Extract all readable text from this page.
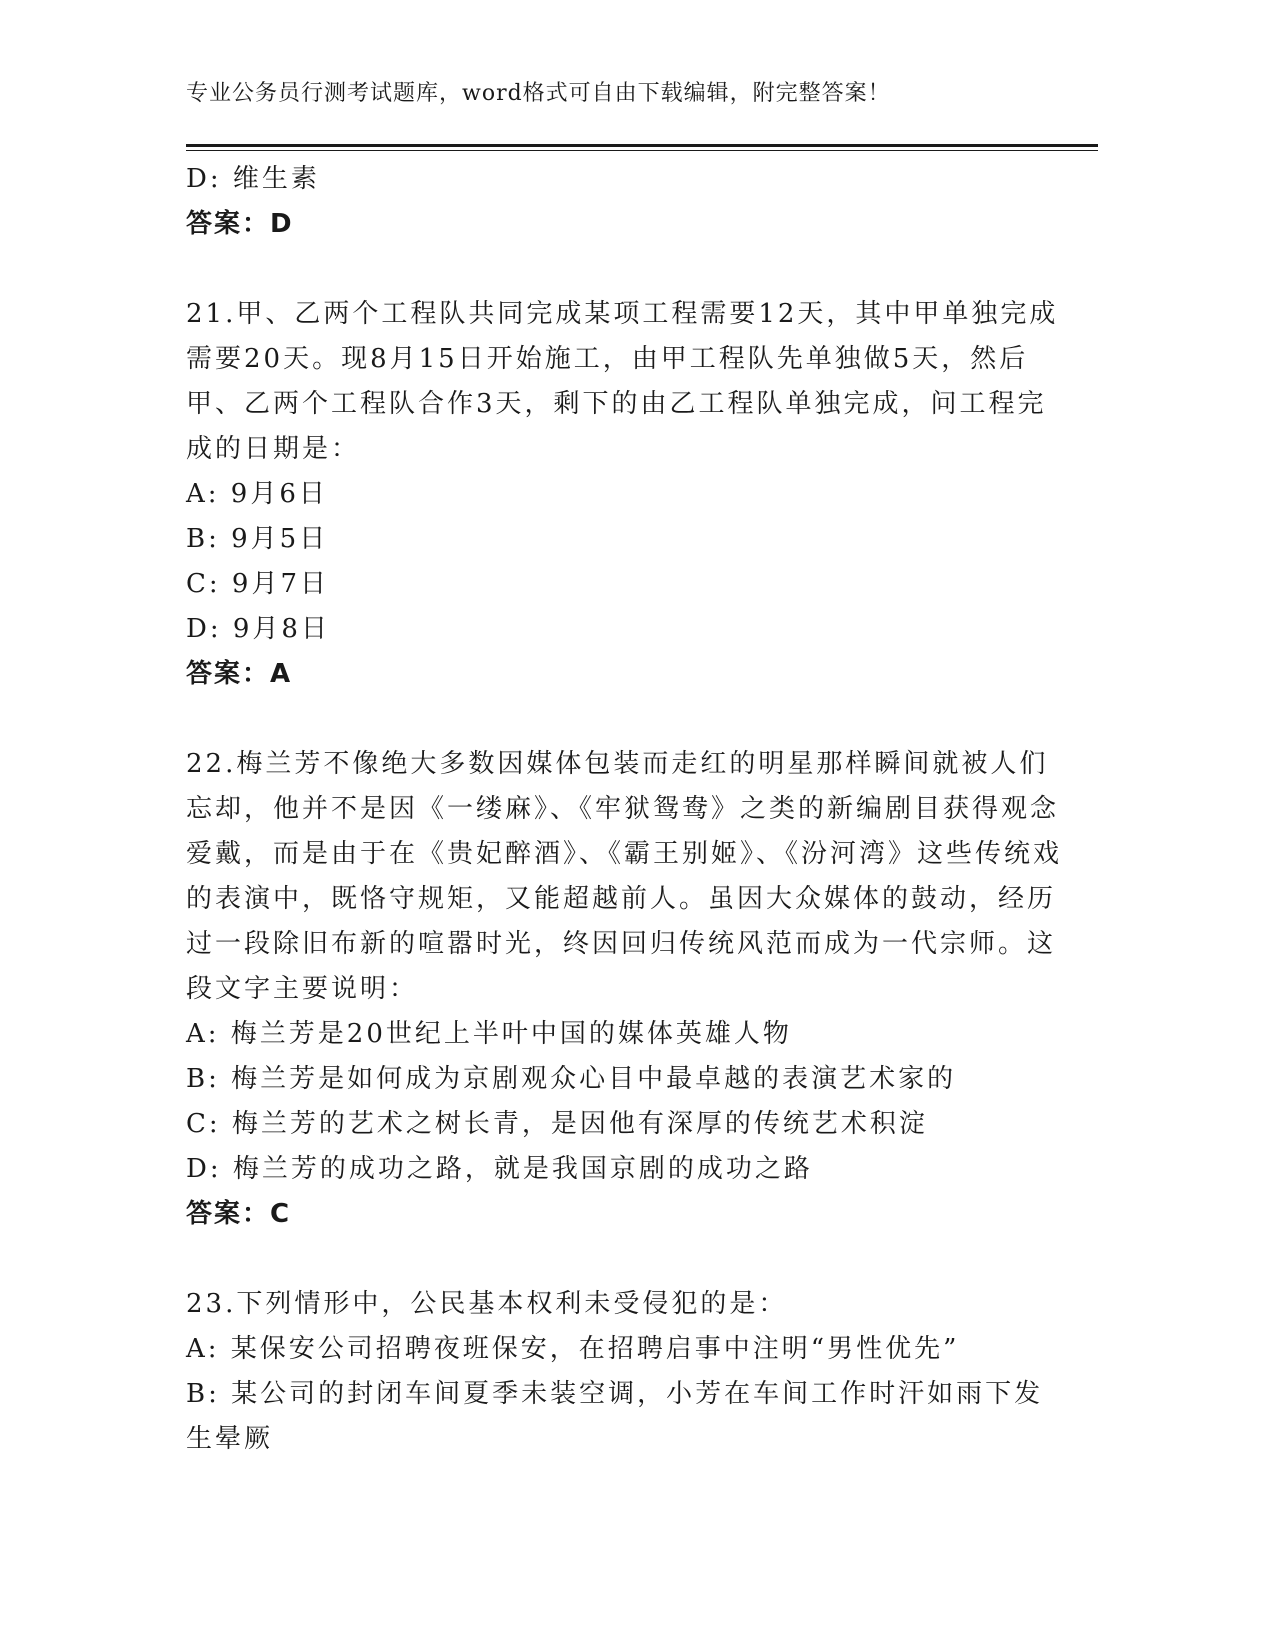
专业公务员行测考试题库，word格式可自由下载编辑，附完整答案！
D: 维生素
答案：D
21.甲、乙两个工程队共同完成某项工程需要12天，其中甲单独完成需要20天。现8月15日开始施工，由甲工程队先单独做5天，然后甲、乙两个工程队合作3天，剩下的由乙工程队单独完成，问工程完成的日期是：
A: 9月6日
B: 9月5日
C: 9月7日
D: 9月8日
答案：A
22.梅兰芳不像绝大多数因媒体包装而走红的明星那样瞬间就被人们忘却，他并不是因《一缕麻》、《牢狱鸳鸯》之类的新编剧目获得观念爱戴，而是由于在《贵妃醉酒》、《霸王别姬》、《汾河湾》这些传统戏的表演中，既恪守规矩，又能超越前人。虽因大众媒体的鼓动，经历过一段除旧布新的喧嚣时光，终因回归传统风范而成为一代宗师。这段文字主要说明：
A: 梅兰芳是20世纪上半叶中国的媒体英雄人物
B: 梅兰芳是如何成为京剧观众心目中最卓越的表演艺术家的
C: 梅兰芳的艺术之树长青，是因他有深厚的传统艺术积淀
D: 梅兰芳的成功之路，就是我国京剧的成功之路
答案：C
23.下列情形中，公民基本权利未受侵犯的是：
A: 某保安公司招聘夜班保安，在招聘启事中注明“男性优先”
B: 某公司的封闭车间夏季未装空调，小芳在车间工作时汗如雨下发生晕厥
